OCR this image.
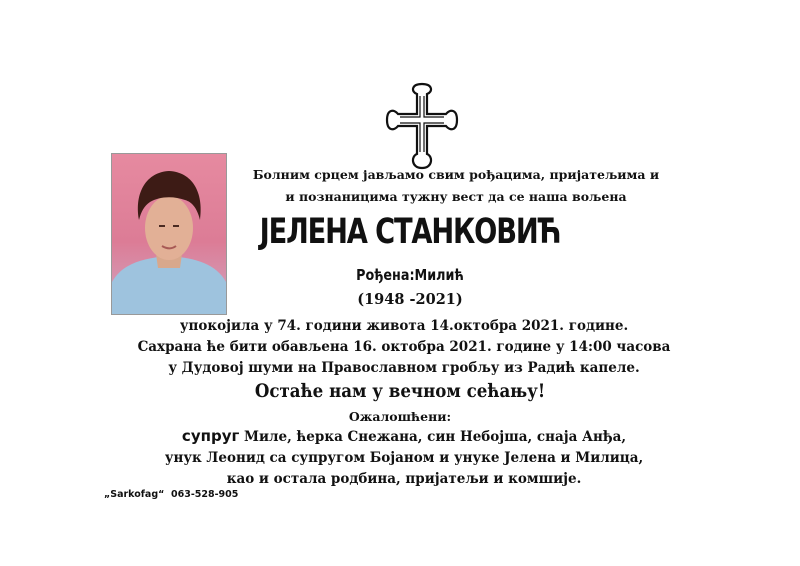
Болним срцем јављамо свим рођацима, пријатељима и
и познаницима тужну вест да се наша вољена
ЈЕЛЕНА СТАНКОВИЋ
Рођена:Милић
(1948 -2021)
упокојила у 74. години живота 14.октобра 2021. године.
Сахрана ће бити обављена 16. октобра 2021. године у 14:00 часова
у Дудовој шуми на Православном гробљу из Радић капеле.
Остаће нам у вечном сећању!
Ожалошћени:
супруг Миле, ћерка Снежана, син Небојша, снаја Анђа,
унук Леонид са супругом Бојаном и унуке Јелена и Милица,
као и остала родбина, пријатељи и комшије.
„Sarkofag“ 063-528-905
